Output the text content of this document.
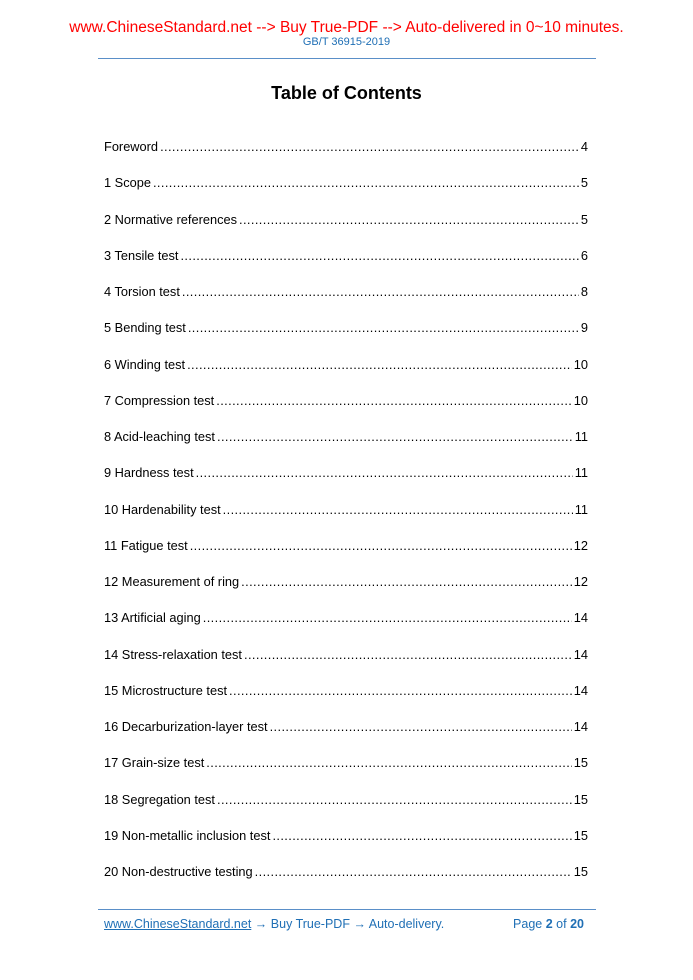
www.ChineseStandard.net --> Buy True-PDF --> Auto-delivered in 0~10 minutes.
GB/T 36915-2019
Table of Contents
Foreword .....	4
1 Scope .....	5
2 Normative references .....	5
3 Tensile test .....	6
4 Torsion test .....	8
5 Bending test .....	9
6 Winding test .....	10
7 Compression test .....	10
8 Acid-leaching test .....	11
9 Hardness test .....	11
10 Hardenability test .....	11
11 Fatigue test .....	12
12 Measurement of ring .....	12
13 Artificial aging .....	14
14 Stress-relaxation test .....	14
15 Microstructure test .....	14
16 Decarburization-layer test .....	14
17 Grain-size test .....	15
18 Segregation test .....	15
19 Non-metallic inclusion test .....	15
20 Non-destructive testing .....	15
www.ChineseStandard.net → Buy True-PDF → Auto-delivery.	Page 2 of 20
